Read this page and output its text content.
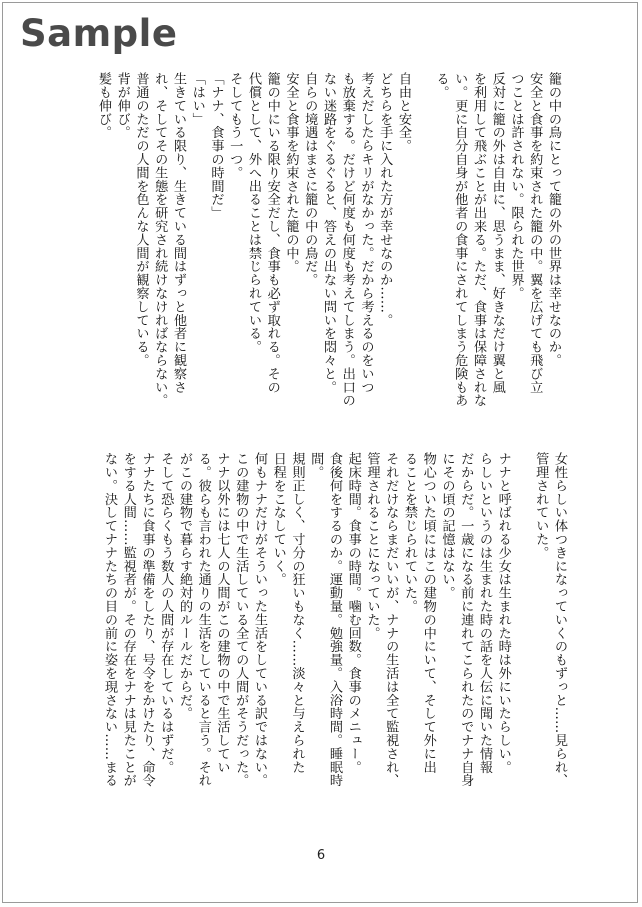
Sample
籠の中の鳥にとって籠の外の世界は幸せなのか。
安全と食事を約束された籠の中。翼を広げても飛び立
つことは許されない。限られた世界。
反対に籠の外は自由に、思うまま、好きなだけ翼と風
を利用して飛ぶことが出来る。ただ、食事は保障されな
い。更に自分自身が他者の食事にされてしまう危険もあ
る。

自由と安全。
どちらを手に入れた方が幸せなのか……。
考えだしたらキリがなかった。だから考えるのをいつ
も放棄する。だけど何度も何度も考えてしまう。出口の
ない迷路をぐるぐると、答えの出ない問いを悶々と。
自らの境遇はまさに籠の中の鳥だ。
安全と食事を約束された籠の中。
籠の中にいる限り安全だし、食事も必ず取れる。その
代償として、外へ出ることは禁じられている。
そしてもう一つ。
「ナナ、食事の時間だ」
「はい」
生きている限り、生きている間はずっと他者に観察さ
れ、そしてその生態を研究され続けなければならない。
普通のただの人間を色んな人間が観察している。
背が伸び。
髪も伸び。
女性らしい体つきになっていくのもずっと……見られ、
管理されていた。

ナナと呼ばれる少女は生まれた時は外にいたらしい。
らしいというのは生まれた時の話を人伝に聞いた情報
だからだ。一歳になる前に連れてこられたのでナナ自身
にその頃の記憶はない。
物心ついた頃にはこの建物の中にいて、そして外に出
ることを禁じられていた。
それだけならまだいいが、ナナの生活は全て監視され、
管理されることになっていた。
起床時間。食事の時間。噛む回数。食事のメニュー。
食後何をするのか。運動量。勉強量。入浴時間。睡眠時
間。
規則正しく、寸分の狂いもなく……淡々と与えられた
日程をこなしていく。
何もナナだけがそういった生活をしている訳ではない。
この建物の中で生活している全ての人間がそうだった。
ナナ以外には七人の人間がこの建物の中で生活してい
る。彼らも言われた通りの生活をしていると言う。それ
がこの建物で暮らす絶対的ルールだからだ。
そして恐らくもう数人の人間が存在しているはずだ。
ナナたちに食事の準備をしたり、号令をかけたり、命令
をする人間……監視者が。その存在をナナは見たことが
ない。決してナナたちの目の前に姿を現さない……まる
6
